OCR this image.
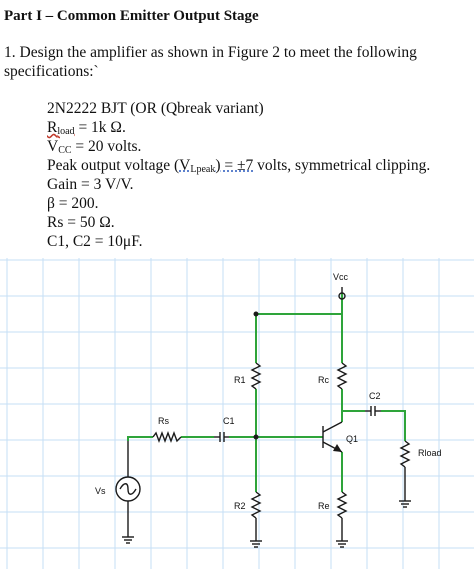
Part I – Common Emitter Output Stage
1. Design the amplifier as shown in Figure 2 to meet the following
specifications:`
2N2222 BJT (OR (Qbreak variant)
$R_{load} = 1k$ Ω.
$V_{CC} = 20$ volts.
Peak output voltage $(V_{Lpeak}) = \pm 7$ volts, symmetrical clipping.
Gain = 3 V/V.
β = 200.
Rs = 50 Ω.
C1, C2 = 10μF.
Vcc
R1	Rc
C2
Rs	C1
Q1
Rload
Vs
R2	Re
